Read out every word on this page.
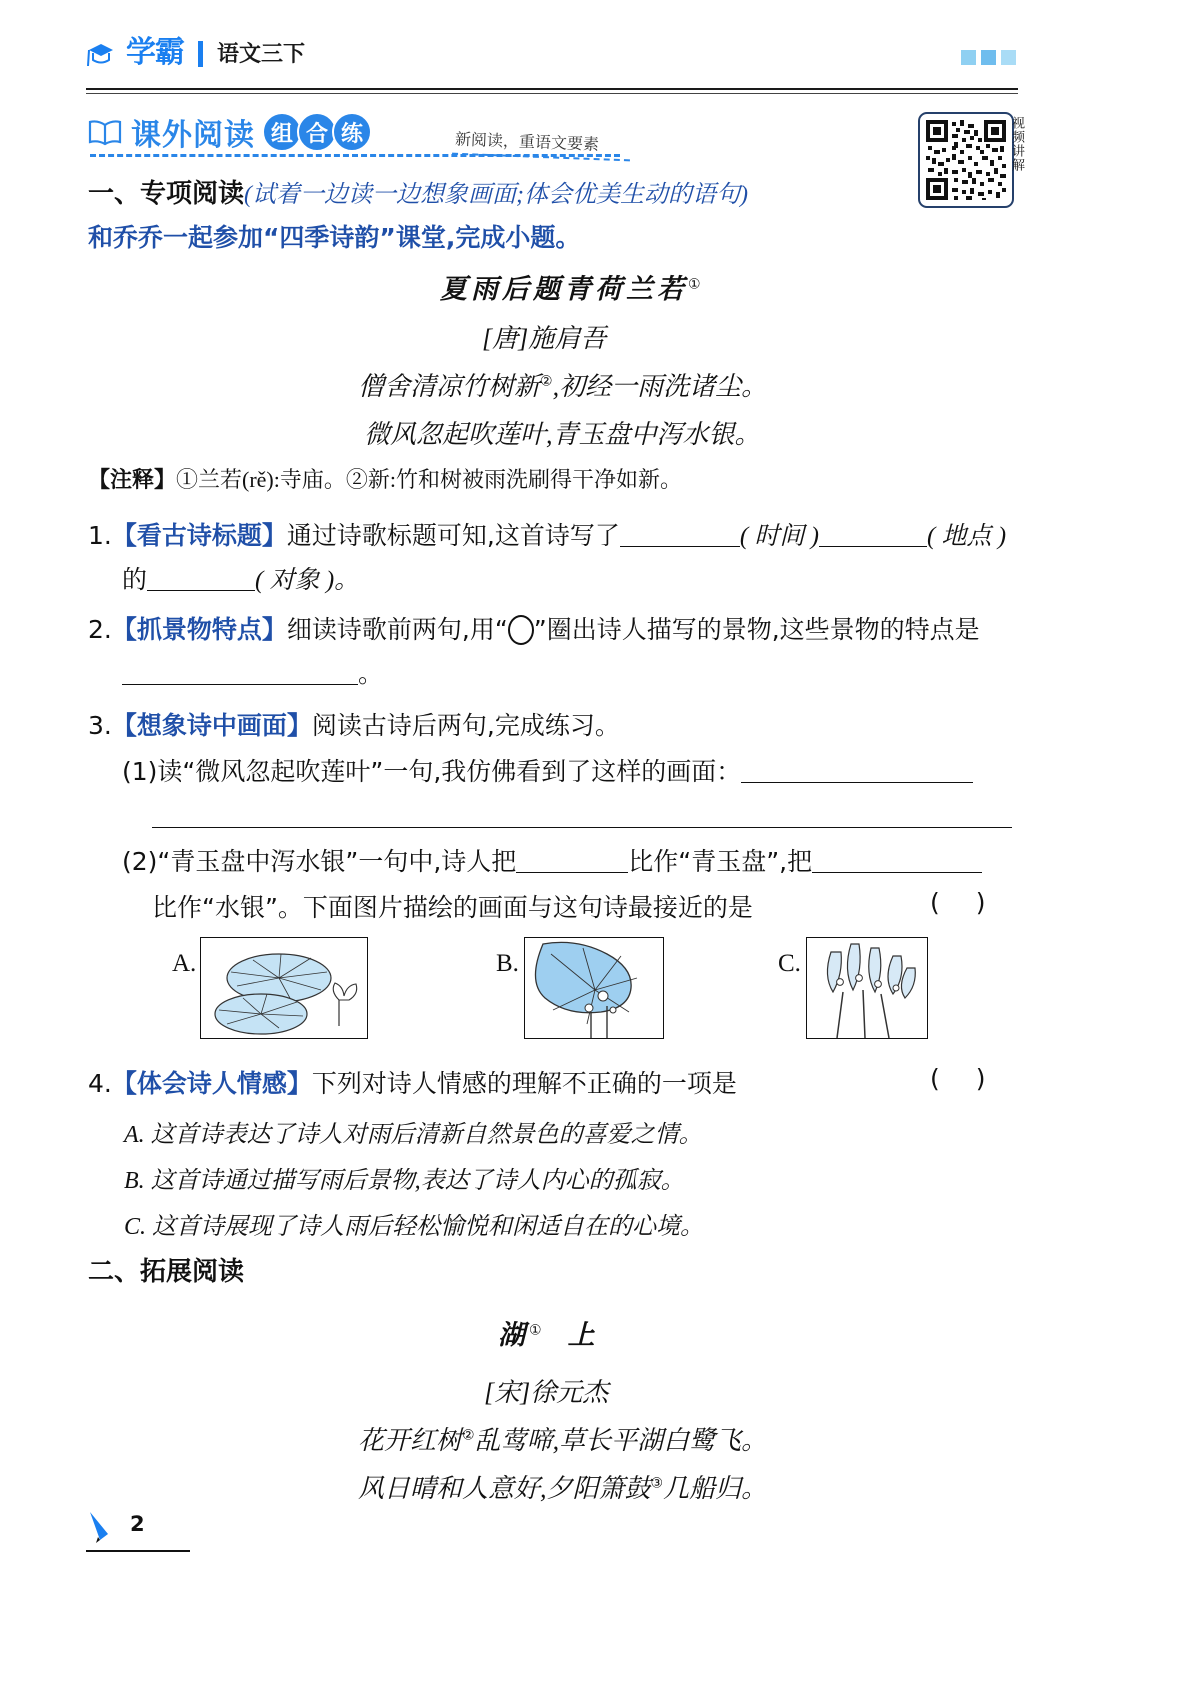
学霸 语文三下
课外阅读 组 合 练	新阅读，重语文要素	视频讲解
一、专项阅读(试着一边读一边想象画面;体会优美生动的语句)
和乔乔一起参加“四季诗韵”课堂,完成小题。
夏雨后题青荷兰若①
[唐]施肩吾
僧舍清凉竹树新②,初经一雨洗诸尘。
微风忽起吹莲叶,青玉盘中泻水银。
【注释】①兰若(rě):寺庙。②新:竹和树被雨洗刷得干净如新。
1.【看古诗标题】通过诗歌标题可知,这首诗写了	( 时间 )	( 地点 )
的	( 对象 )。
2.【抓景物特点】细读诗歌前两句,用“○”圈出诗人描写的景物,这些景物的特点是
。
3.【想象诗中画面】阅读古诗后两句,完成练习。
(1)读“微风忽起吹莲叶”一句,我仿佛看到了这样的画面：
(2)“青玉盘中泻水银”一句中,诗人把	比作“青玉盘”,把
比作“水银”。下面图片描绘的画面与这句诗最接近的是	( )
A.	B.	C.
4.【体会诗人情感】下列对诗人情感的理解不正确的一项是	( )
A. 这首诗表达了诗人对雨后清新自然景色的喜爱之情。
B. 这首诗通过描写雨后景物,表达了诗人内心的孤寂。
C. 这首诗展现了诗人雨后轻松愉悦和闲适自在的心境。
二、拓展阅读
湖① 上
[宋]徐元杰
花开红树②乱莺啼,草长平湖白鹭飞。
风日晴和人意好,夕阳箫鼓③几船归。
2
